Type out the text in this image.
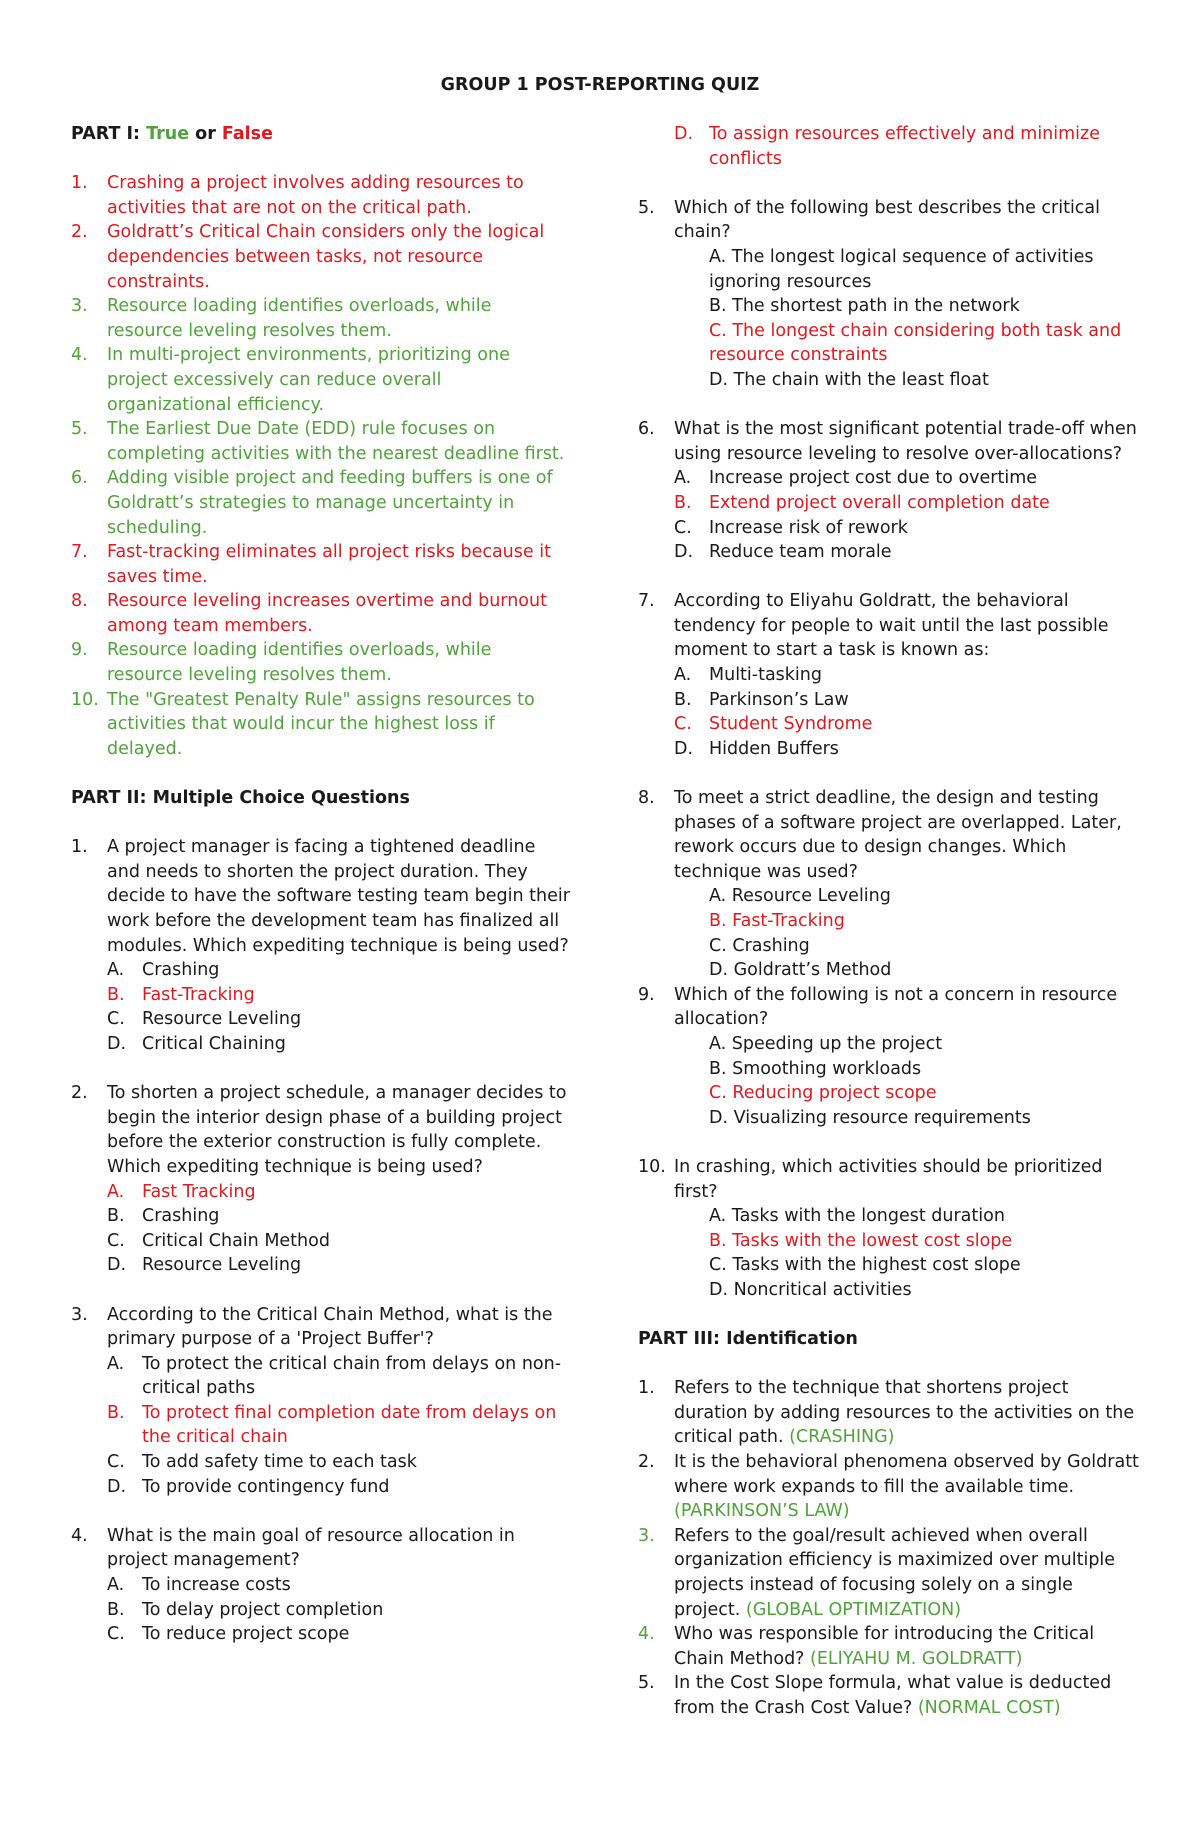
GROUP 1 POST-REPORTING QUIZ
PART I: True or False
1. Crashing a project involves adding resources to activities that are not on the critical path.
2. Goldratt’s Critical Chain considers only the logical dependencies between tasks, not resource constraints.
3. Resource loading identifies overloads, while resource leveling resolves them.
4. In multi-project environments, prioritizing one project excessively can reduce overall organizational efficiency.
5. The Earliest Due Date (EDD) rule focuses on completing activities with the nearest deadline first.
6. Adding visible project and feeding buffers is one of Goldratt’s strategies to manage uncertainty in scheduling.
7. Fast-tracking eliminates all project risks because it saves time.
8. Resource leveling increases overtime and burnout among team members.
9. Resource loading identifies overloads, while resource leveling resolves them.
10. The "Greatest Penalty Rule" assigns resources to activities that would incur the highest loss if delayed.
PART II: Multiple Choice Questions
1. A project manager is facing a tightened deadline and needs to shorten the project duration. They decide to have the software testing team begin their work before the development team has finalized all modules. Which expediting technique is being used?
A. Crashing
B. Fast-Tracking
C. Resource Leveling
D. Critical Chaining
2. To shorten a project schedule, a manager decides to begin the interior design phase of a building project before the exterior construction is fully complete. Which expediting technique is being used?
A. Fast Tracking
B. Crashing
C. Critical Chain Method
D. Resource Leveling
3. According to the Critical Chain Method, what is the primary purpose of a 'Project Buffer'?
A. To protect the critical chain from delays on non-critical paths
B. To protect final completion date from delays on the critical chain
C. To add safety time to each task
D. To provide contingency fund
4. What is the main goal of resource allocation in project management?
A. To increase costs
B. To delay project completion
C. To reduce project scope
D. To assign resources effectively and minimize conflicts
5. Which of the following best describes the critical chain?
A. The longest logical sequence of activities ignoring resources
B. The shortest path in the network
C. The longest chain considering both task and resource constraints
D. The chain with the least float
6. What is the most significant potential trade-off when using resource leveling to resolve over-allocations?
A. Increase project cost due to overtime
B. Extend project overall completion date
C. Increase risk of rework
D. Reduce team morale
7. According to Eliyahu Goldratt, the behavioral tendency for people to wait until the last possible moment to start a task is known as:
A. Multi-tasking
B. Parkinson’s Law
C. Student Syndrome
D. Hidden Buffers
8. To meet a strict deadline, the design and testing phases of a software project are overlapped. Later, rework occurs due to design changes. Which technique was used?
A. Resource Leveling
B. Fast-Tracking
C. Crashing
D. Goldratt’s Method
9. Which of the following is not a concern in resource allocation?
A. Speeding up the project
B. Smoothing workloads
C. Reducing project scope
D. Visualizing resource requirements
10. In crashing, which activities should be prioritized first?
A. Tasks with the longest duration
B. Tasks with the lowest cost slope
C. Tasks with the highest cost slope
D. Noncritical activities
PART III: Identification
1. Refers to the technique that shortens project duration by adding resources to the activities on the critical path. (CRASHING)
2. It is the behavioral phenomena observed by Goldratt where work expands to fill the available time. (PARKINSON’S LAW)
3. Refers to the goal/result achieved when overall organization efficiency is maximized over multiple projects instead of focusing solely on a single project. (GLOBAL OPTIMIZATION)
4. Who was responsible for introducing the Critical Chain Method? (ELIYAHU M. GOLDRATT)
5. In the Cost Slope formula, what value is deducted from the Crash Cost Value? (NORMAL COST)
